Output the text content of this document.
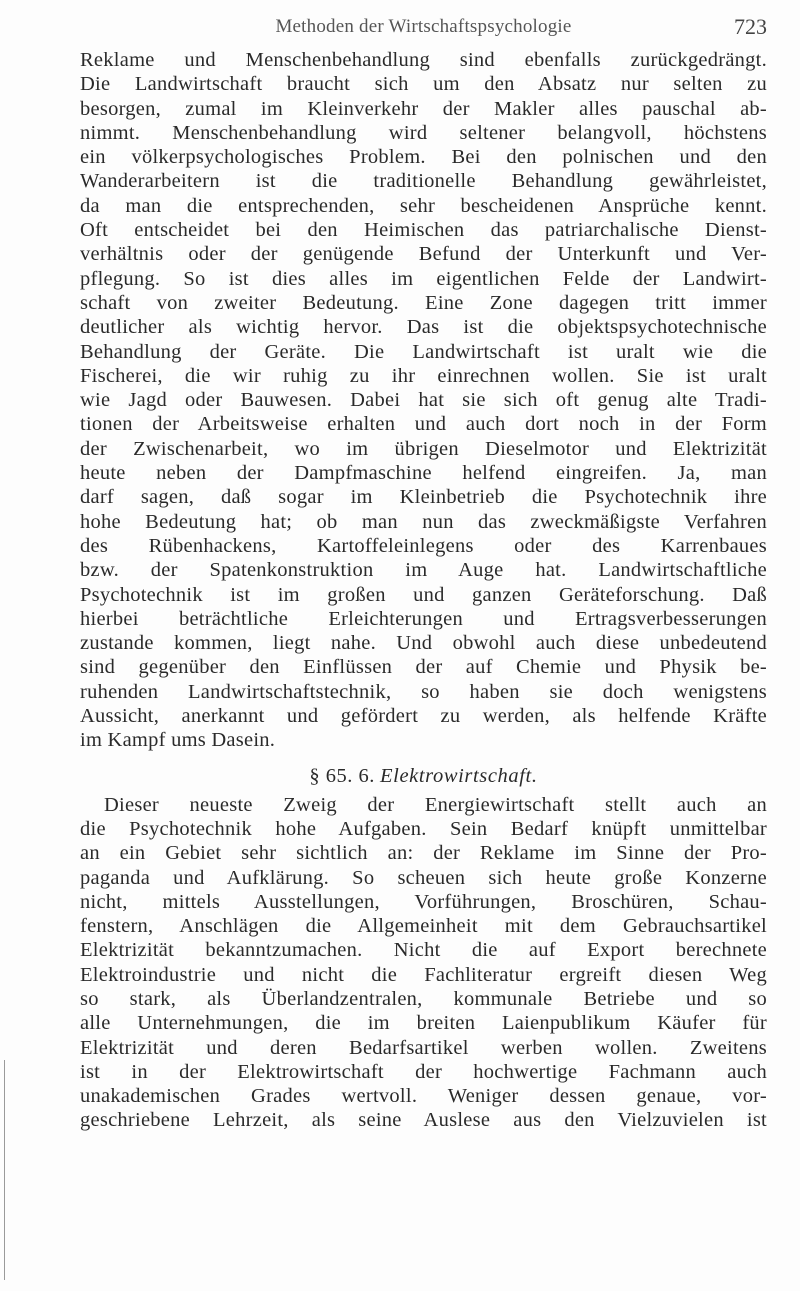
Methoden der Wirtschaftspsychologie	723
Reklame und Menschenbehandlung sind ebenfalls zurückgedrängt.
Die Landwirtschaft braucht sich um den Absatz nur selten zu
besorgen, zumal im Kleinverkehr der Makler alles pauschal ab-
nimmt. Menschenbehandlung wird seltener belangvoll, höchstens
ein völkerpsychologisches Problem. Bei den polnischen und den
Wanderarbeitern ist die traditionelle Behandlung gewährleistet,
da man die entsprechenden, sehr bescheidenen Ansprüche kennt.
Oft entscheidet bei den Heimischen das patriarchalische Dienst-
verhältnis oder der genügende Befund der Unterkunft und Ver-
pflegung. So ist dies alles im eigentlichen Felde der Landwirt-
schaft von zweiter Bedeutung. Eine Zone dagegen tritt immer
deutlicher als wichtig hervor. Das ist die objektspsychotechnische
Behandlung der Geräte. Die Landwirtschaft ist uralt wie die
Fischerei, die wir ruhig zu ihr einrechnen wollen. Sie ist uralt
wie Jagd oder Bauwesen. Dabei hat sie sich oft genug alte Tradi-
tionen der Arbeitsweise erhalten und auch dort noch in der Form
der Zwischenarbeit, wo im übrigen Dieselmotor und Elektrizität
heute neben der Dampfmaschine helfend eingreifen. Ja, man
darf sagen, daß sogar im Kleinbetrieb die Psychotechnik ihre
hohe Bedeutung hat; ob man nun das zweckmäßigste Verfahren
des Rübenhackens, Kartoffeleinlegens oder des Karrenbaues
bzw. der Spatenkonstruktion im Auge hat. Landwirtschaftliche
Psychotechnik ist im großen und ganzen Geräteforschung. Daß
hierbei beträchtliche Erleichterungen und Ertragsverbesserungen
zustande kommen, liegt nahe. Und obwohl auch diese unbedeutend
sind gegenüber den Einflüssen der auf Chemie und Physik be-
ruhenden Landwirtschaftstechnik, so haben sie doch wenigstens
Aussicht, anerkannt und gefördert zu werden, als helfende Kräfte
im Kampf ums Dasein.
§ 65. 6. Elektrowirtschaft.
Dieser neueste Zweig der Energiewirtschaft stellt auch an
die Psychotechnik hohe Aufgaben. Sein Bedarf knüpft unmittelbar
an ein Gebiet sehr sichtlich an: der Reklame im Sinne der Pro-
paganda und Aufklärung. So scheuen sich heute große Konzerne
nicht, mittels Ausstellungen, Vorführungen, Broschüren, Schau-
fenstern, Anschlägen die Allgemeinheit mit dem Gebrauchsartikel
Elektrizität bekanntzumachen. Nicht die auf Export berechnete
Elektroindustrie und nicht die Fachliteratur ergreift diesen Weg
so stark, als Überlandzentralen, kommunale Betriebe und so
alle Unternehmungen, die im breiten Laienpublikum Käufer für
Elektrizität und deren Bedarfsartikel werben wollen. Zweitens
ist in der Elektrowirtschaft der hochwertige Fachmann auch
unakademischen Grades wertvoll. Weniger dessen genaue, vor-
geschriebene Lehrzeit, als seine Auslese aus den Vielzuvielen ist
